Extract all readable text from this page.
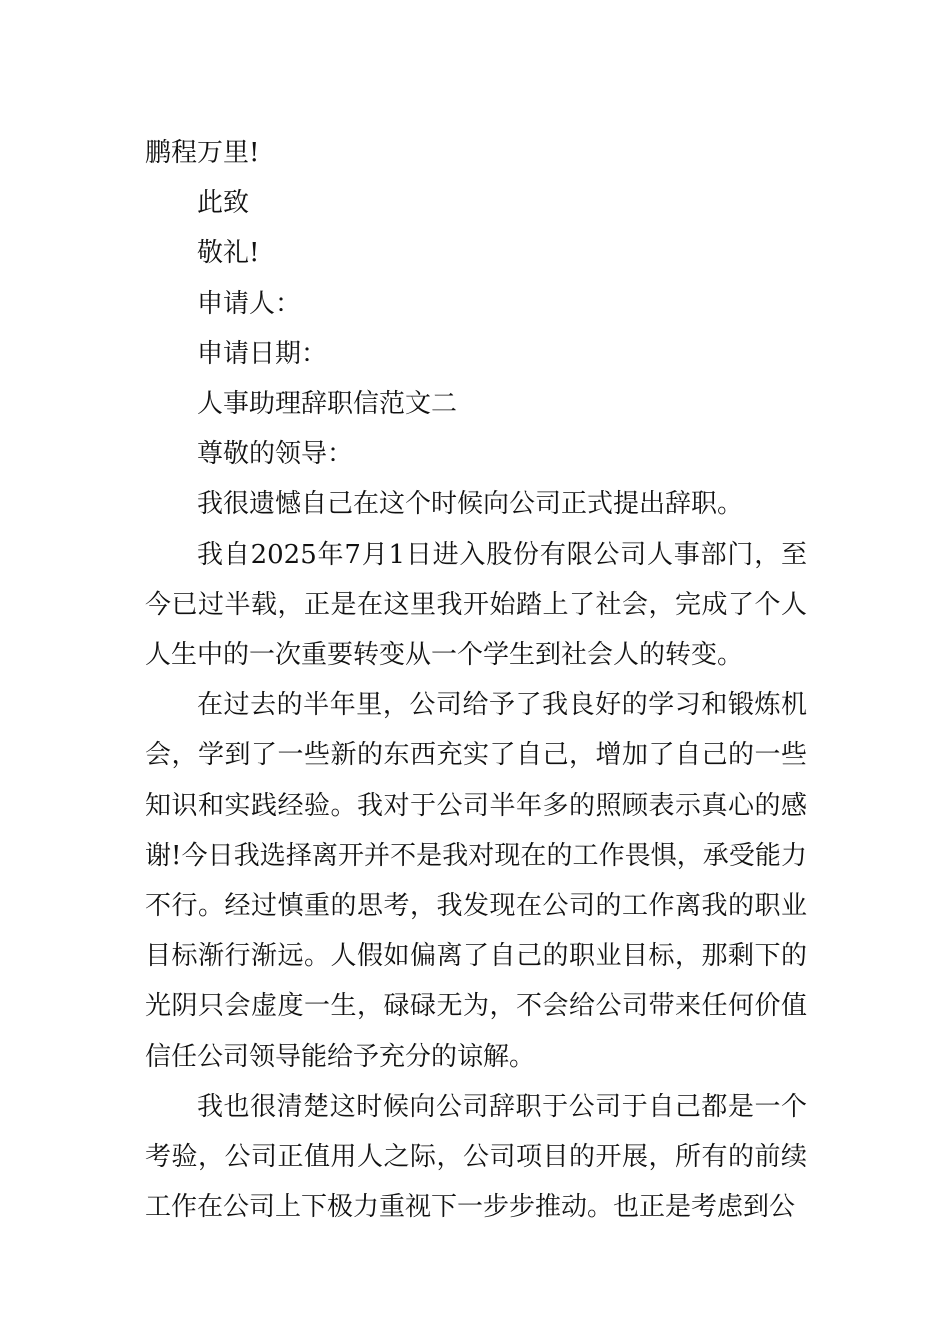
鹏程万里!

此致

敬礼!

申请人：

申请日期：

人事助理辞职信范文二

尊敬的领导：

我很遗憾自己在这个时候向公司正式提出辞职。

我自2025年7月1日进入股份有限公司人事部门，至今已过半载，正是在这里我开始踏上了社会，完成了个人人生中的一次重要转变从一个学生到社会人的转变。

在过去的半年里，公司给予了我良好的学习和锻炼机会，学到了一些新的东西充实了自己，增加了自己的一些知识和实践经验。我对于公司半年多的照顾表示真心的感谢!今日我选择离开并不是我对现在的工作畏惧，承受能力不行。经过慎重的思考，我发现在公司的工作离我的职业目标渐行渐远。人假如偏离了自己的职业目标，那剩下的光阴只会虚度一生，碌碌无为，不会给公司带来任何价值信任公司领导能给予充分的谅解。

我也很清楚这时候向公司辞职于公司于自己都是一个考验，公司正值用人之际，公司项目的开展，所有的前续工作在公司上下极力重视下一步步推动。也正是考虑到公
